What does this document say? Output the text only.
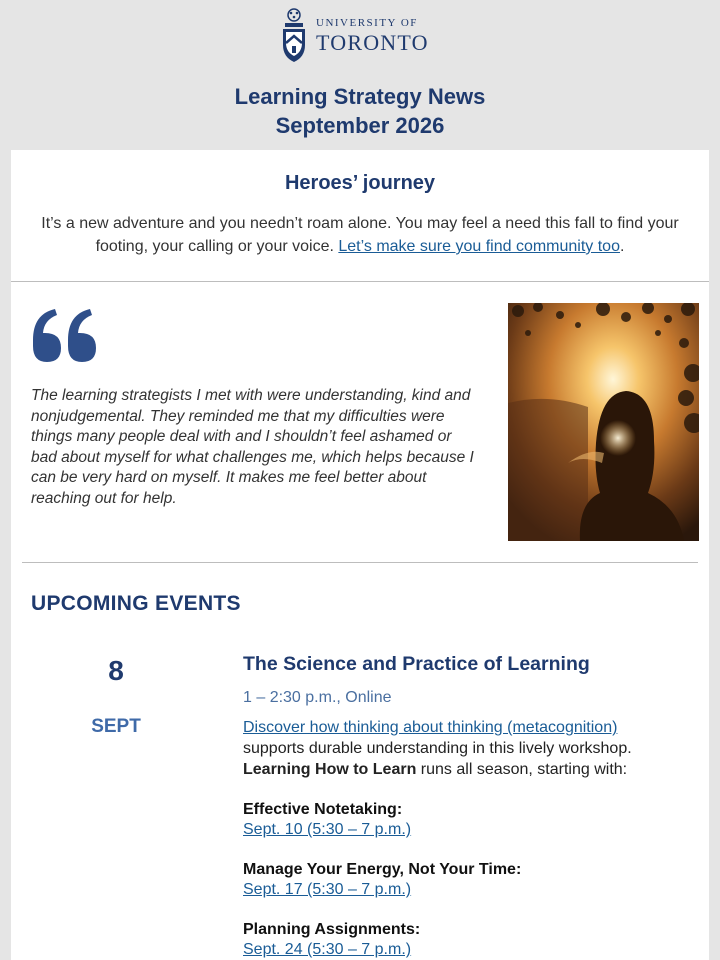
UNIVERSITY OF
TORONTO
Learning Strategy News
September 2026
Heroes’ journey

It’s a new adventure and you needn’t roam alone. You may feel a need this fall to find your footing, your calling or your voice. Let’s make sure you find community too.

The learning strategists I met with were understanding, kind and nonjudgemental. They reminded me that my difficulties were things many people deal with and I shouldn’t feel ashamed or bad about myself for what challenges me, which helps because I can be very hard on myself. It makes me feel better about reaching out for help.

UPCOMING EVENTS
8
SEPT
The Science and Practice of Learning
1 – 2:30 p.m., Online

Discover how thinking about thinking (metacognition) supports durable understanding in this lively workshop.
Learning How to Learn runs all season, starting with:

Effective Notetaking:
Sept. 10 (5:30 – 7 p.m.)
Manage Your Energy, Not Your Time:
Sept. 17 (5:30 – 7 p.m.)
Planning Assignments:
Sept. 24 (5:30 – 7 p.m.)
